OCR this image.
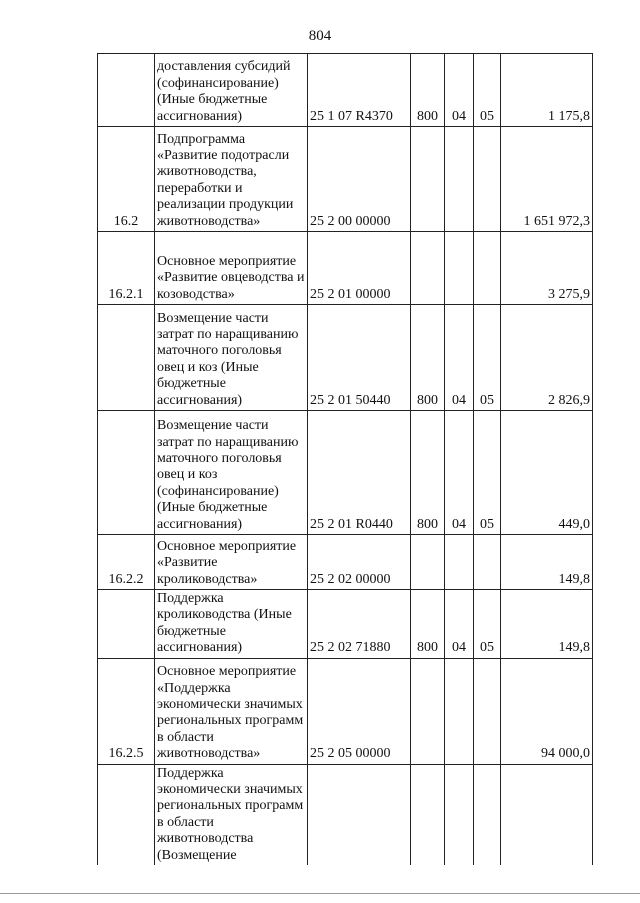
804
	доставления субсидий (софинансирование) (Иные бюджетные ассигнования)	25 1 07 R4370	800	04	05	1 175,8
16.2	Подпрограмма «Развитие подотрасли животноводства, переработки и реализации продукции животноводства»	25 2 00 00000				1 651 972,3
16.2.1	Основное мероприятие «Развитие овцеводства и козоводства»	25 2 01 00000				3 275,9
	Возмещение части затрат по наращиванию маточного поголовья овец и коз (Иные бюджетные ассигнования)	25 2 01 50440	800	04	05	2 826,9
	Возмещение части затрат по наращиванию маточного поголовья овец и коз (софинансирование) (Иные бюджетные ассигнования)	25 2 01 R0440	800	04	05	449,0
16.2.2	Основное мероприятие «Развитие кролиководства»	25 2 02 00000				149,8
	Поддержка кролиководства (Иные бюджетные ассигнования)	25 2 02 71880	800	04	05	149,8
16.2.5	Основное мероприятие «Поддержка экономически значимых региональных программ в области животноводства»	25 2 05 00000				94 000,0
	Поддержка экономически значимых региональных программ в области животноводства (Возмещение					
